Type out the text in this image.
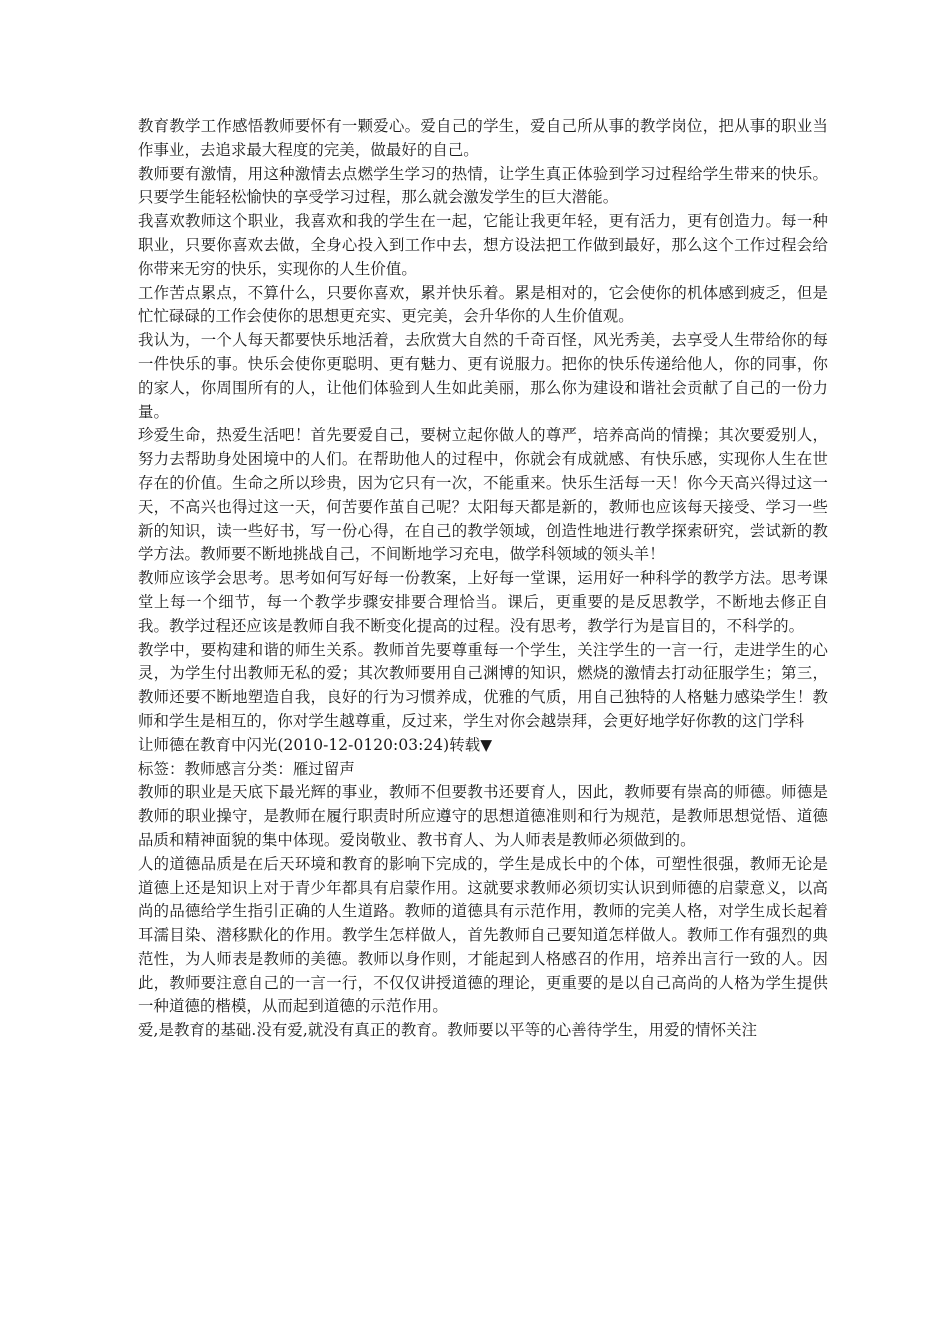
教育教学工作感悟教师要怀有一颗爱心。爱自己的学生，爱自己所从事的教学岗位，把从事的职业当作事业，去追求最大程度的完美，做最好的自己。

教师要有激情，用这种激情去点燃学生学习的热情，让学生真正体验到学习过程给学生带来的快乐。只要学生能轻松愉快的享受学习过程，那么就会激发学生的巨大潜能。

我喜欢教师这个职业，我喜欢和我的学生在一起，它能让我更年轻，更有活力，更有创造力。每一种职业，只要你喜欢去做，全身心投入到工作中去，想方设法把工作做到最好，那么这个工作过程会给你带来无穷的快乐，实现你的人生价值。

工作苦点累点，不算什么，只要你喜欢，累并快乐着。累是相对的，它会使你的机体感到疲乏，但是忙忙碌碌的工作会使你的思想更充实、更完美，会升华你的人生价值观。

我认为，一个人每天都要快乐地活着，去欣赏大自然的千奇百怪，风光秀美，去享受人生带给你的每一件快乐的事。快乐会使你更聪明、更有魅力、更有说服力。把你的快乐传递给他人，你的同事，你的家人，你周围所有的人，让他们体验到人生如此美丽，那么你为建设和谐社会贡献了自己的一份力量。

珍爱生命，热爱生活吧！首先要爱自己，要树立起你做人的尊严，培养高尚的情操；其次要爱别人，努力去帮助身处困境中的人们。在帮助他人的过程中，你就会有成就感、有快乐感，实现你人生在世存在的价值。生命之所以珍贵，因为它只有一次，不能重来。快乐生活每一天！你今天高兴得过这一天，不高兴也得过这一天，何苦要作茧自己呢？太阳每天都是新的，教师也应该每天接受、学习一些新的知识，读一些好书，写一份心得，在自己的教学领域，创造性地进行教学探索研究，尝试新的教学方法。教师要不断地挑战自己，不间断地学习充电，做学科领域的领头羊！

教师应该学会思考。思考如何写好每一份教案，上好每一堂课，运用好一种科学的教学方法。思考课堂上每一个细节，每一个教学步骤安排要合理恰当。课后，更重要的是反思教学，不断地去修正自我。教学过程还应该是教师自我不断变化提高的过程。没有思考，教学行为是盲目的，不科学的。

教学中，要构建和谐的师生关系。教师首先要尊重每一个学生，关注学生的一言一行，走进学生的心灵，为学生付出教师无私的爱；其次教师要用自己渊博的知识，燃烧的激情去打动征服学生；第三，教师还要不断地塑造自我，良好的行为习惯养成，优雅的气质，用自己独特的人格魅力感染学生！教师和学生是相互的，你对学生越尊重，反过来，学生对你会越崇拜，会更好地学好你教的这门学科

让师德在教育中闪光(2010-12-0120:03:24)转载▼

标签：教师感言分类：雁过留声

教师的职业是天底下最光辉的事业，教师不但要教书还要育人，因此，教师要有崇高的师德。师德是教师的职业操守，是教师在履行职责时所应遵守的思想道德准则和行为规范，是教师思想觉悟、道德品质和精神面貌的集中体现。爱岗敬业、教书育人、为人师表是教师必须做到的。

人的道德品质是在后天环境和教育的影响下完成的，学生是成长中的个体，可塑性很强，教师无论是道德上还是知识上对于青少年都具有启蒙作用。这就要求教师必须切实认识到师德的启蒙意义，以高尚的品德给学生指引正确的人生道路。教师的道德具有示范作用，教师的完美人格，对学生成长起着耳濡目染、潜移默化的作用。教学生怎样做人，首先教师自己要知道怎样做人。教师工作有强烈的典范性，为人师表是教师的美德。教师以身作则，才能起到人格感召的作用，培养出言行一致的人。因此，教师要注意自己的一言一行，不仅仅讲授道德的理论，更重要的是以自己高尚的人格为学生提供一种道德的楷模，从而起到道德的示范作用。

爱,是教育的基础.没有爱,就没有真正的教育。教师要以平等的心善待学生，用爱的情怀关注
